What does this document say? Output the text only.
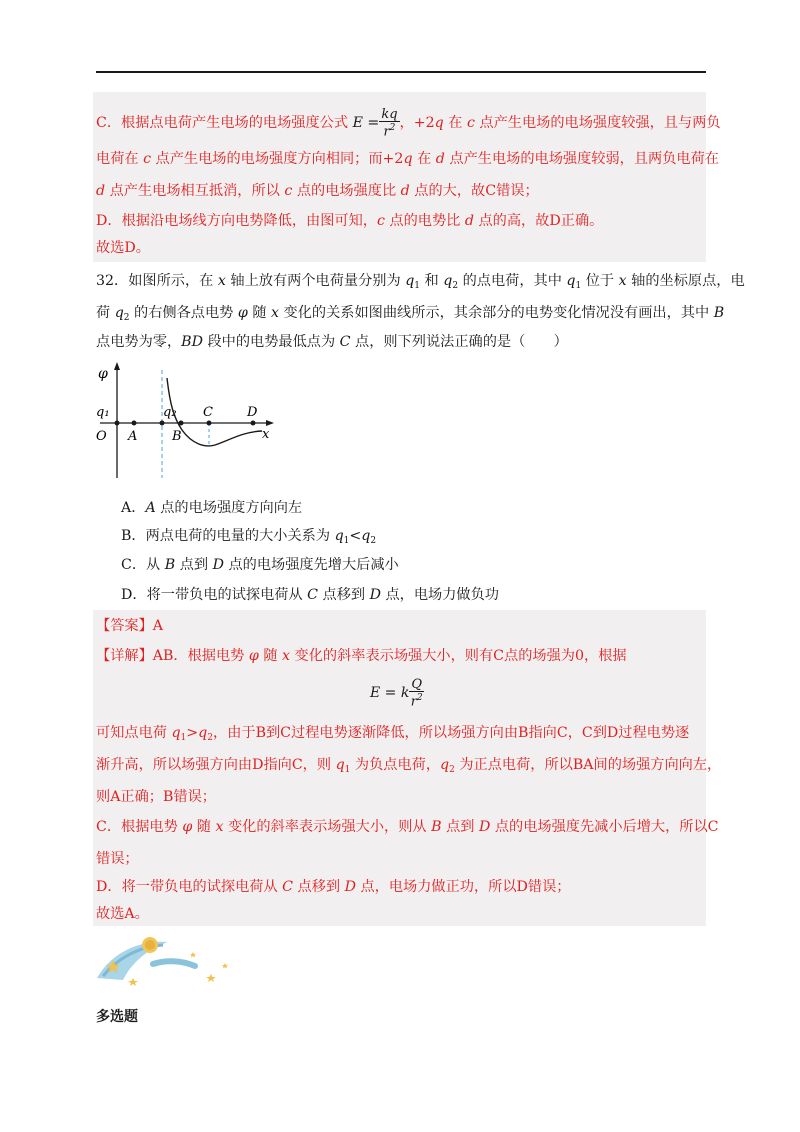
C．根据点电荷产生电场的电场强度公式 $E = \frac{kq}{r^2}$ ，+2q 在 c 点产生电场的电场强度较强，且与两负
电荷在 c 点产生电场的电场强度方向相同；而+2q 在 d 点产生电场的电场强度较弱，且两负电荷在
d 点产生电场相互抵消，所以 c 点的电场强度比 d 点的大，故C错误；
D．根据沿电场线方向电势降低，由图可知，c 点的电势比 d 点的高，故D正确。
故选D。
32．如图所示，在 x 轴上放有两个电荷量分别为 $q_1$ 和 $q_2$ 的点电荷，其中 $q_1$ 位于 x 轴的坐标原点，电
荷 $q_2$ 的右侧各点电势 φ 随 x 变化的关系如图曲线所示，其余部分的电势变化情况没有画出，其中 B
点电势为零，BD 段中的电势最低点为 C 点，则下列说法正确的是（　　）
φ
q₁
O A
q₂
B
C	D
x
A．A 点的电场强度方向向左
B．两点电荷的电量的大小关系为 $q_1<q_2$
C．从 B 点到 D 点的电场强度先增大后减小
D．将一带负电的试探电荷从 C 点移到 D 点，电场力做负功
【答案】A
【详解】AB．根据电势 φ 随 x 变化的斜率表示场强大小，则有C点的场强为0，根据
E = k $\frac{Q}{r^2}$
可知点电荷 $q_1>q_2$，由于B到C过程电势逐渐降低，所以场强方向由B指向C，C到D过程电势逐
渐升高，所以场强方向由D指向C，则 $q_1$ 为负点电荷，$q_2$ 为正点电荷，所以BA间的场强方向向左，
则A正确；B错误；
C．根据电势 φ 随 x 变化的斜率表示场强大小，则从 B 点到 D 点的电场强度先减小后增大，所以C
错误；
D．将一带负电的试探电荷从 C 点移到 D 点，电场力做正功，所以D错误；
故选A。
多选题
